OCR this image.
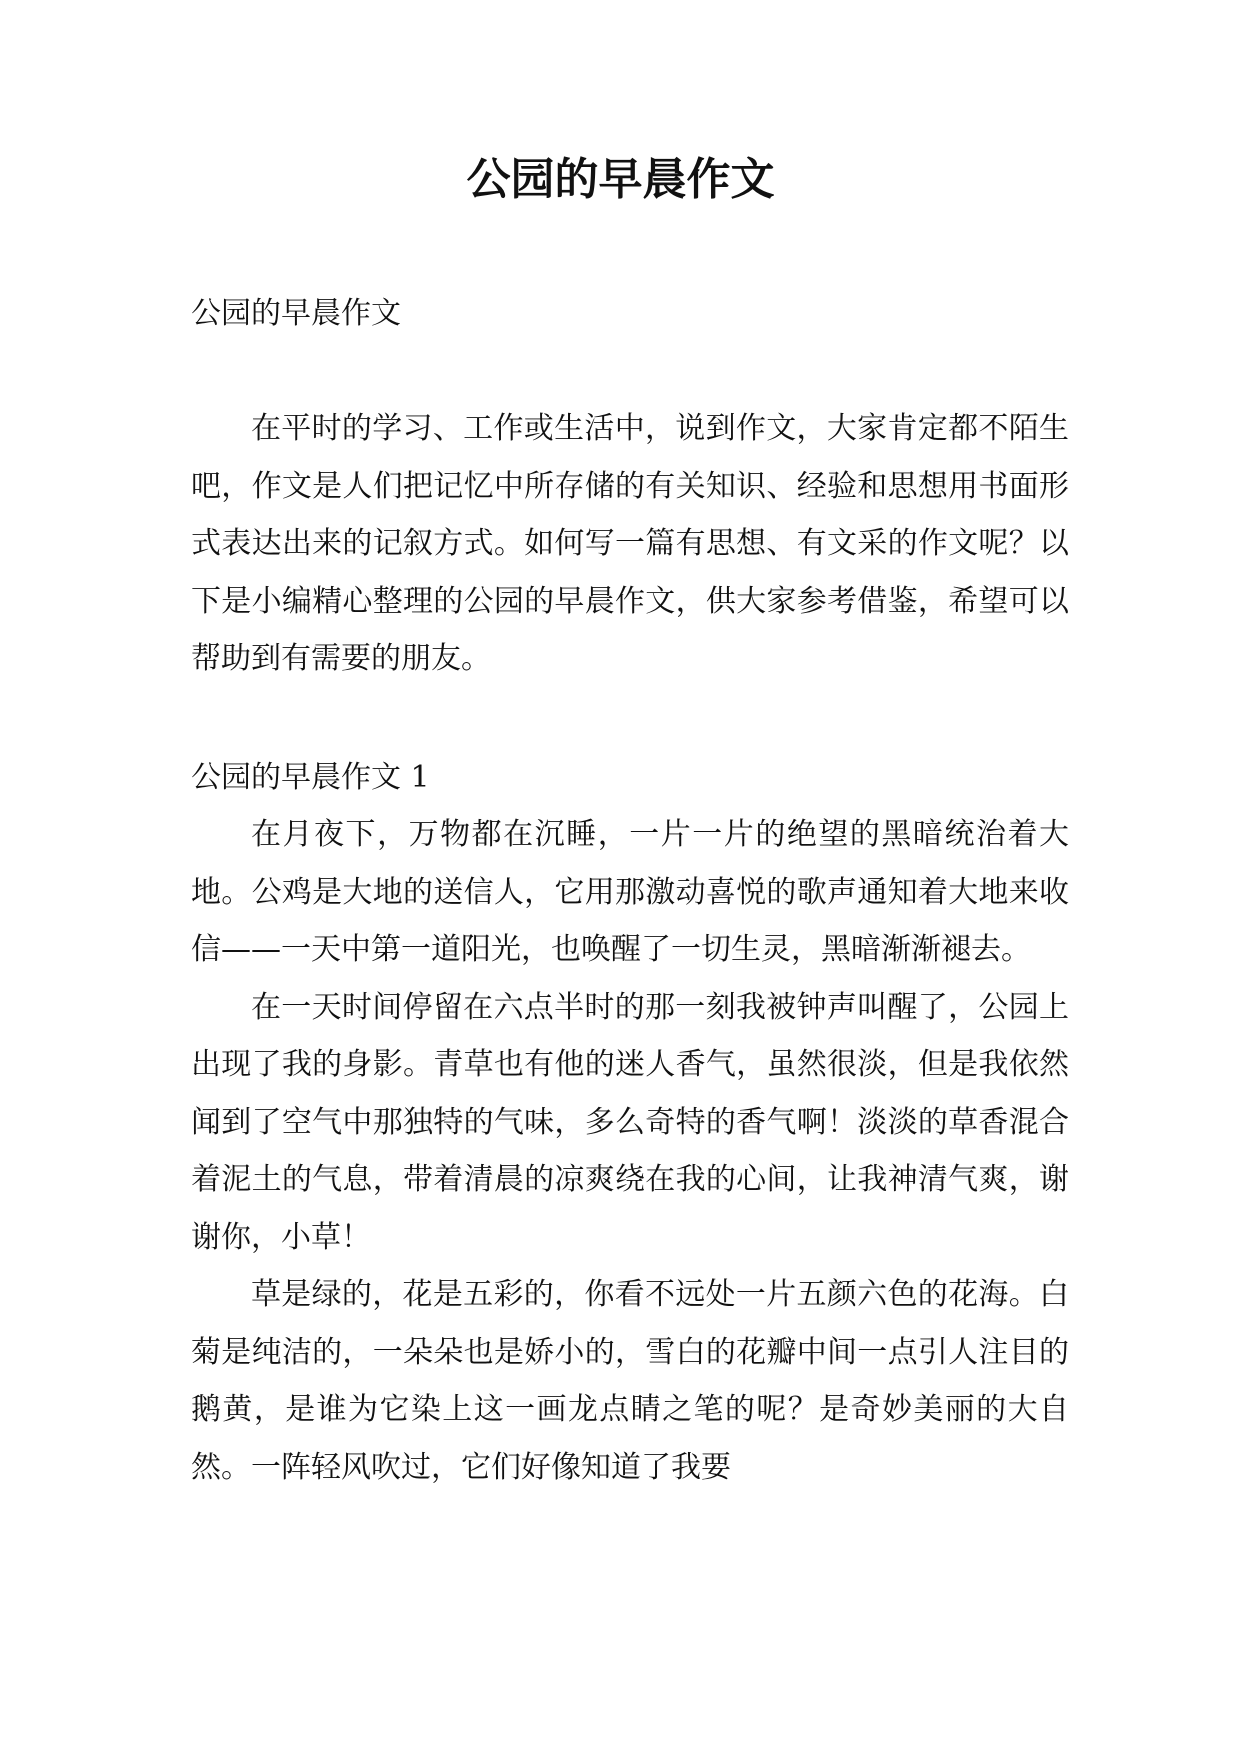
公园的早晨作文
公园的早晨作文

在平时的学习、工作或生活中，说到作文，大家肯定都不陌生吧，作文是人们把记忆中所存储的有关知识、经验和思想用书面形式表达出来的记叙方式。如何写一篇有思想、有文采的作文呢？以下是小编精心整理的公园的早晨作文，供大家参考借鉴，希望可以帮助到有需要的朋友。

公园的早晨作文 1

在月夜下，万物都在沉睡，一片一片的绝望的黑暗统治着大地。公鸡是大地的送信人，它用那激动喜悦的歌声通知着大地来收信——一天中第一道阳光，也唤醒了一切生灵，黑暗渐渐褪去。

在一天时间停留在六点半时的那一刻我被钟声叫醒了，公园上出现了我的身影。青草也有他的迷人香气，虽然很淡，但是我依然闻到了空气中那独特的气味，多么奇特的香气啊！淡淡的草香混合着泥土的气息，带着清晨的凉爽绕在我的心间，让我神清气爽，谢谢你，小草！

草是绿的，花是五彩的，你看不远处一片五颜六色的花海。白菊是纯洁的，一朵朵也是娇小的，雪白的花瓣中间一点引人注目的鹅黄，是谁为它染上这一画龙点睛之笔的呢？是奇妙美丽的大自然。一阵轻风吹过，它们好像知道了我要
